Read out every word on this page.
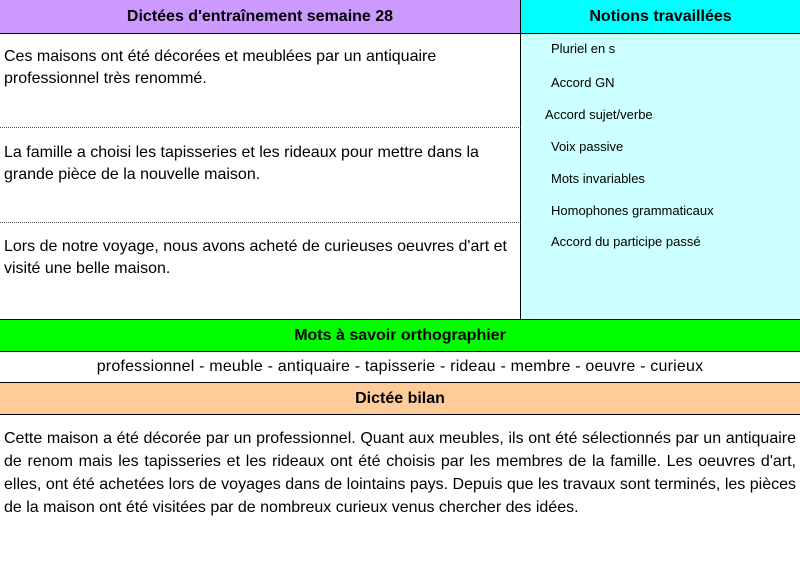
Dictées d'entraînement semaine 28	Notions travaillées
Ces maisons ont été décorées et meublées par un antiquaire professionnel très renommé.
La famille a choisi les tapisseries et les rideaux pour mettre dans la grande pièce de la nouvelle maison.
Lors de notre voyage, nous avons acheté de curieuses oeuvres d'art et visité une belle maison.
Pluriel en s
Accord GN
Accord sujet/verbe
Voix passive
Mots invariables
Homophones grammaticaux
Accord du participe passé
Mots à savoir orthographier
professionnel - meuble - antiquaire - tapisserie - rideau - membre - oeuvre - curieux
Dictée bilan
Cette maison a été décorée par un professionnel. Quant aux meubles, ils ont été sélectionnés par un antiquaire de renom mais les tapisseries et les rideaux ont été choisis par les membres de la famille. Les oeuvres d'art, elles, ont été achetées lors de voyages dans de lointains pays. Depuis que les travaux sont terminés, les pièces de la maison ont été visitées par de nombreux curieux venus chercher des idées.
